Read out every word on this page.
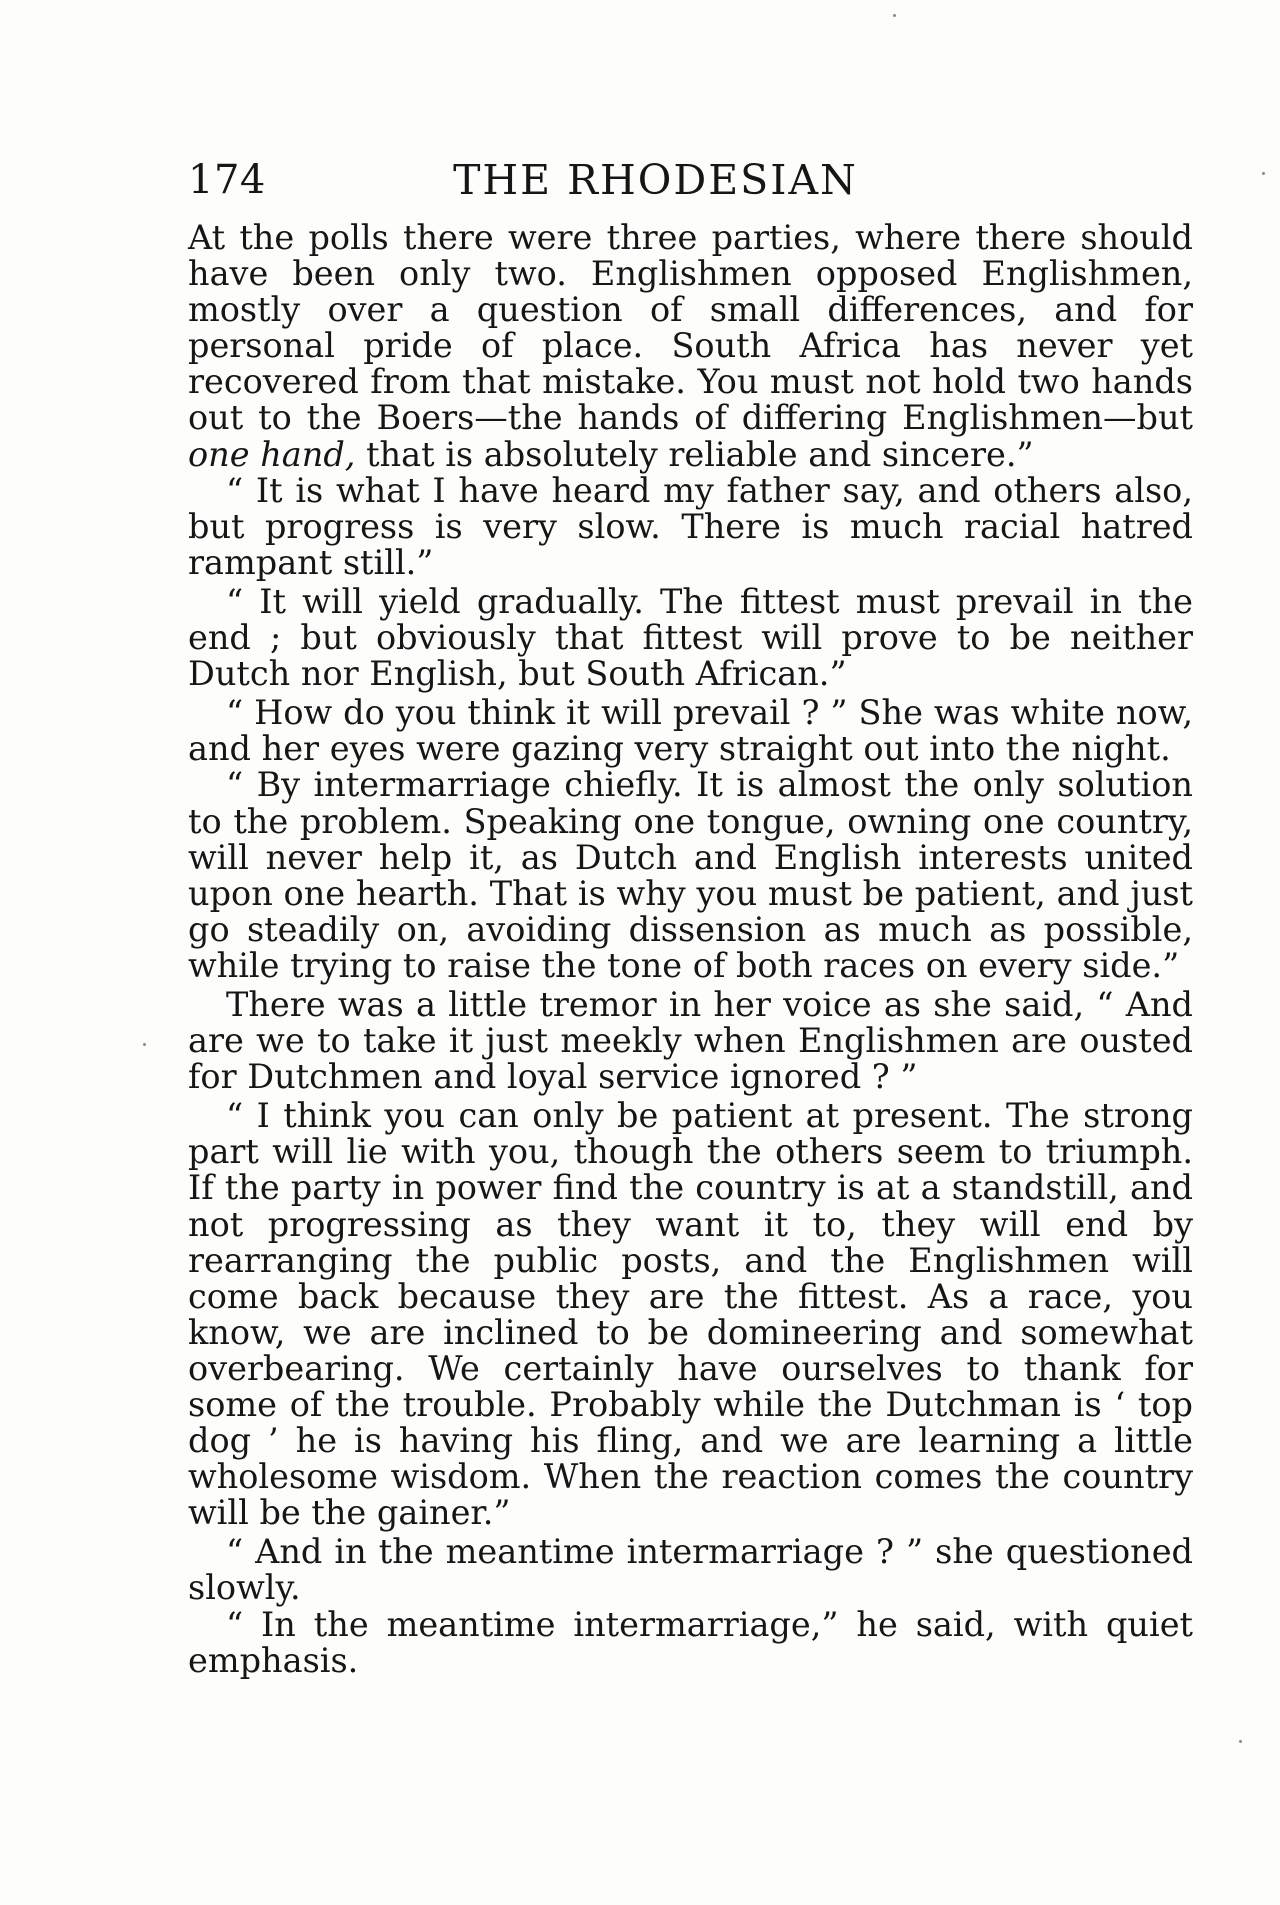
174	THE RHODESIAN

At the polls there were three parties, where there should have been only two. Englishmen opposed Englishmen, mostly over a question of small differences, and for personal pride of place. South Africa has never yet recovered from that mistake. You must not hold two hands out to the Boers—the hands of differing Englishmen—but one hand, that is absolutely reliable and sincere.”

“ It is what I have heard my father say, and others also, but progress is very slow. There is much racial hatred rampant still.”

“ It will yield gradually. The fittest must prevail in the end ; but obviously that fittest will prove to be neither Dutch nor English, but South African.”

“ How do you think it will prevail ? ” She was white now, and her eyes were gazing very straight out into the night.

“ By intermarriage chiefly. It is almost the only solution to the problem. Speaking one tongue, owning one country, will never help it, as Dutch and English interests united upon one hearth. That is why you must be patient, and just go steadily on, avoiding dissension as much as possible, while trying to raise the tone of both races on every side.”

There was a little tremor in her voice as she said, “ And are we to take it just meekly when Englishmen are ousted for Dutchmen and loyal service ignored ? ”

“ I think you can only be patient at present. The strong part will lie with you, though the others seem to triumph. If the party in power find the country is at a standstill, and not progressing as they want it to, they will end by rearranging the public posts, and the Englishmen will come back because they are the fittest. As a race, you know, we are inclined to be domineering and somewhat overbearing. We certainly have ourselves to thank for some of the trouble. Probably while the Dutchman is ‘ top dog ’ he is having his fling, and we are learning a little wholesome wisdom. When the reaction comes the country will be the gainer.”

“ And in the meantime intermarriage ? ” she questioned slowly.

“ In the meantime intermarriage,” he said, with quiet emphasis.
